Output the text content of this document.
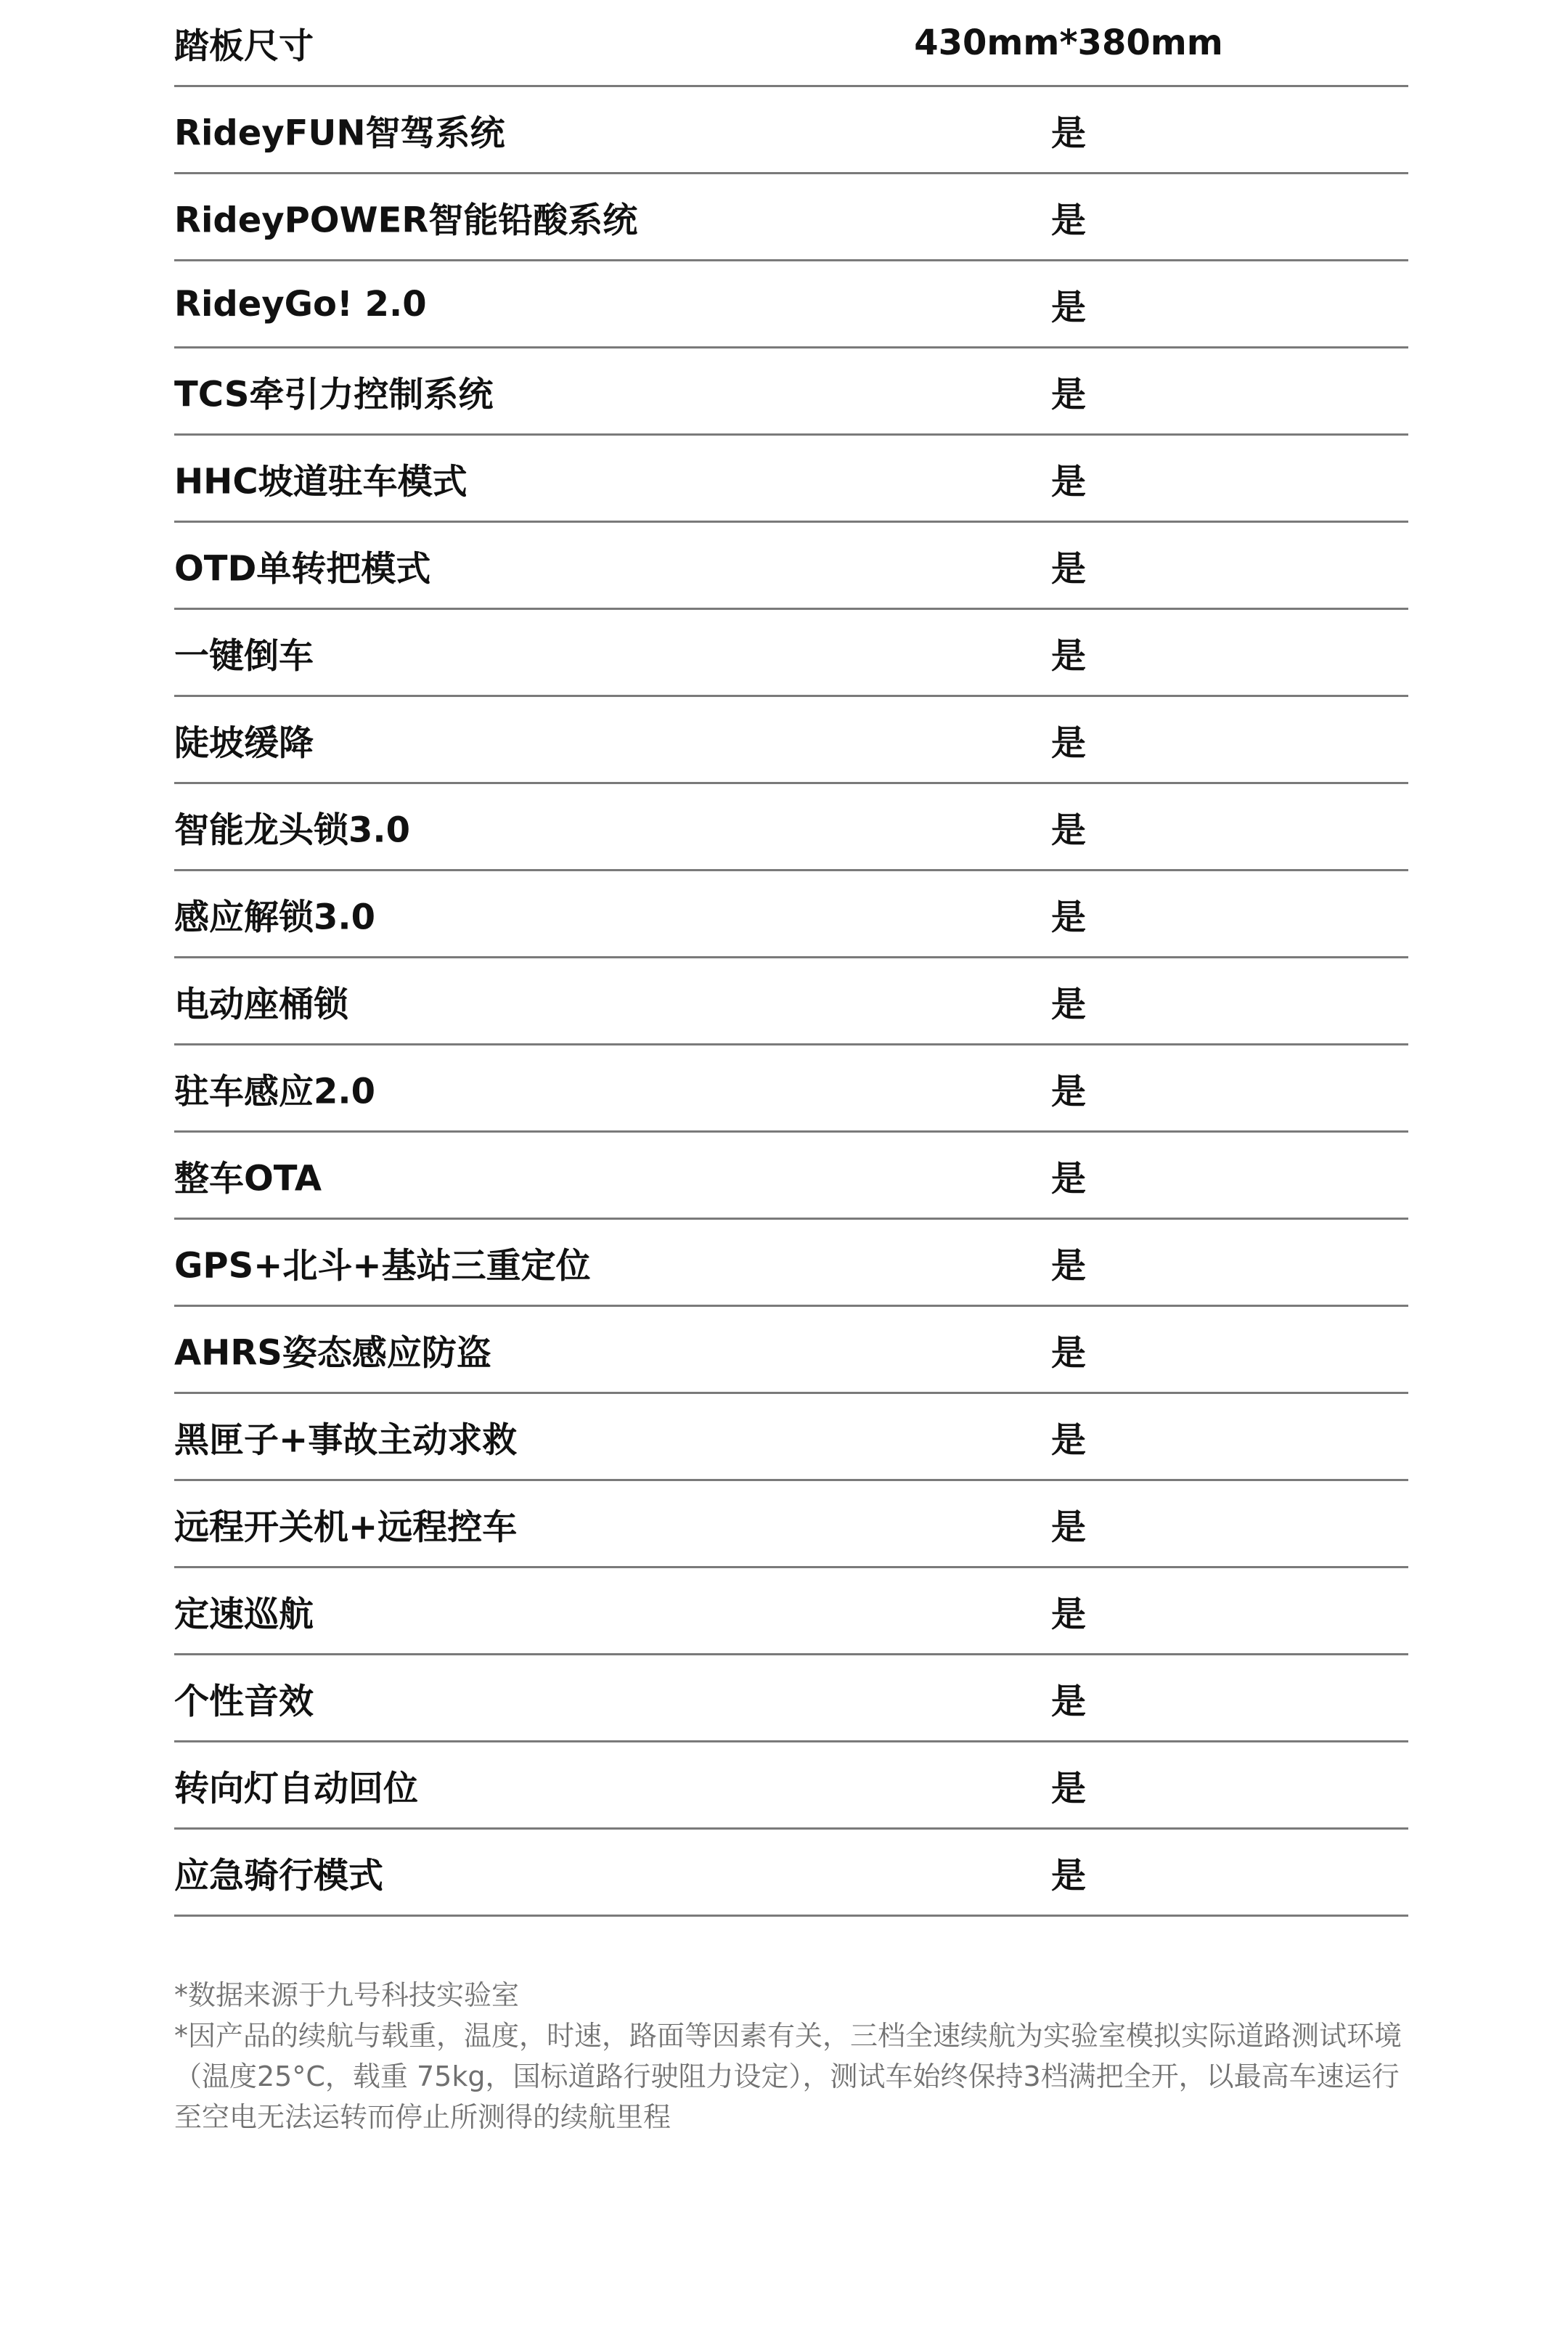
踏板尺寸	430mm*380mm
RideyFUN智驾系统	是
RideyPOWER智能铅酸系统	是
RideyGo! 2.0	是
TCS牵引力控制系统	是
HHC坡道驻车模式	是
OTD单转把模式	是
一键倒车	是
陡坡缓降	是
智能龙头锁3.0	是
感应解锁3.0	是
电动座桶锁	是
驻车感应2.0	是
整车OTA	是
GPS+北斗+基站三重定位	是
AHRS姿态感应防盗	是
黑匣子+事故主动求救	是
远程开关机+远程控车	是
定速巡航	是
个性音效	是
转向灯自动回位	是
应急骑行模式	是

*数据来源于九号科技实验室

*因产品的续航与载重，温度，时速，路面等因素有关，三档全速续航为实验室模拟实际道路测试环境（温度25°C，载重 75kg，国标道路行驶阻力设定），测试车始终保持3档满把全开，以最高车速运行至空电无法运转而停止所测得的续航里程
